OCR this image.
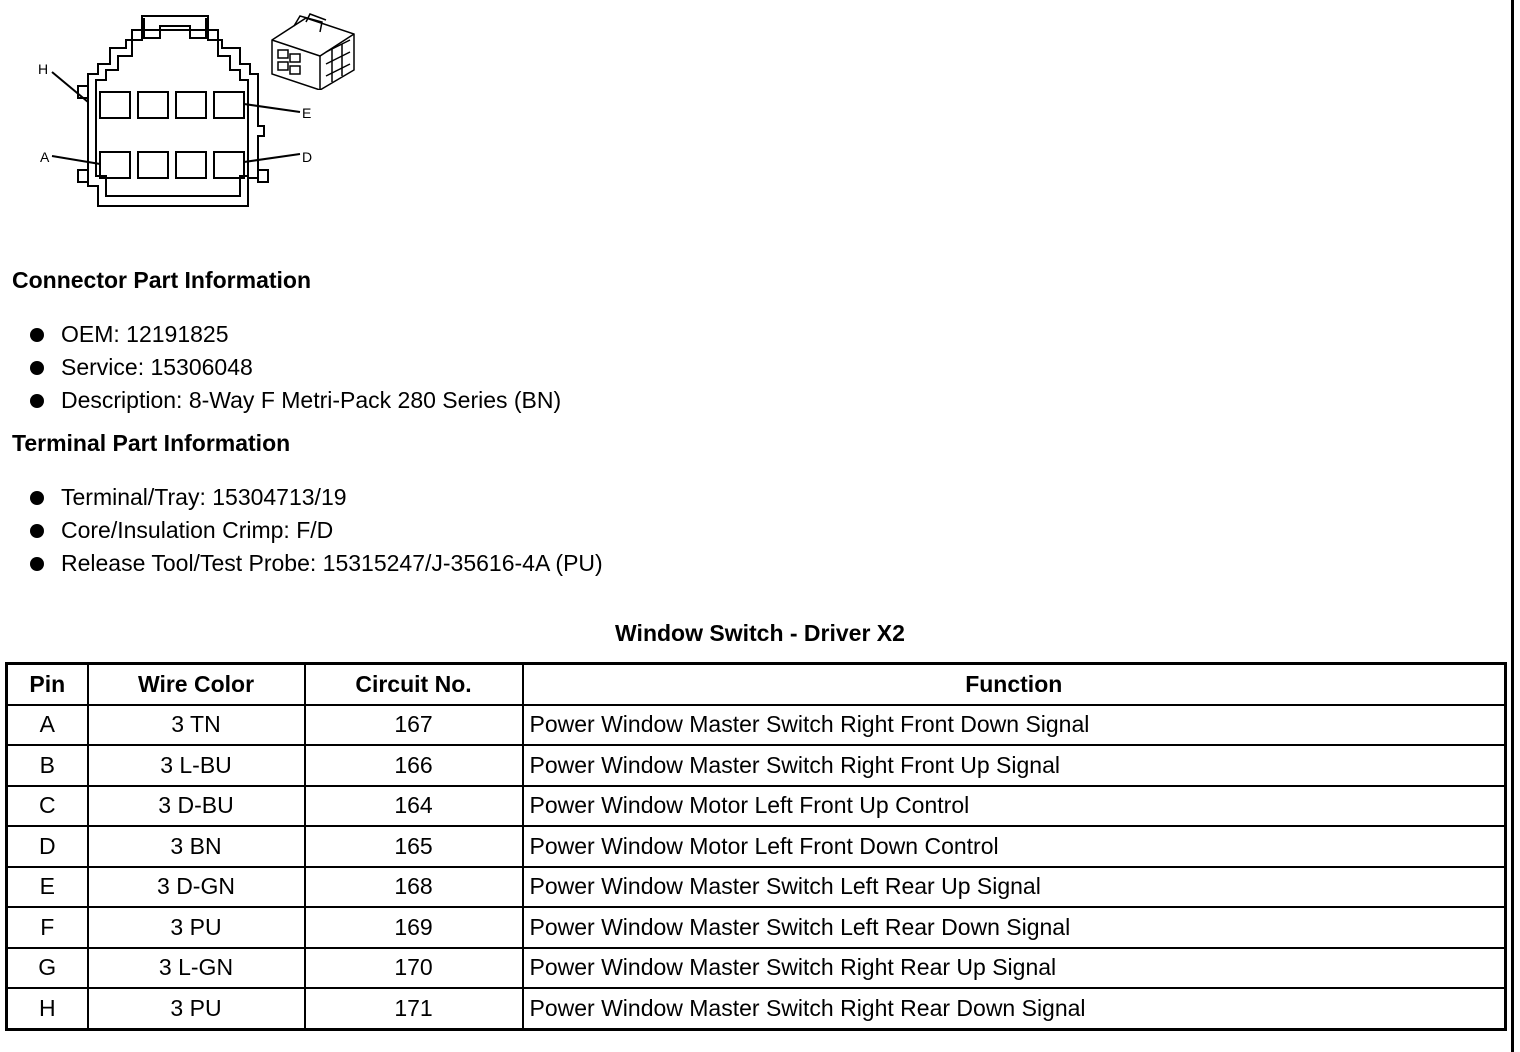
H
E
A	D
Connector Part Information
OEM: 12191825
Service: 15306048
Description: 8-Way F Metri-Pack 280 Series (BN)
Terminal Part Information
Terminal/Tray: 15304713/19
Core/Insulation Crimp: F/D
Release Tool/Test Probe: 15315247/J-35616-4A (PU)
Window Switch - Driver X2
Pin	Wire Color	Circuit No.	Function
A	3 TN	167	Power Window Master Switch Right Front Down Signal
B	3 L-BU	166	Power Window Master Switch Right Front Up Signal
C	3 D-BU	164	Power Window Motor Left Front Up Control
D	3 BN	165	Power Window Motor Left Front Down Control
E	3 D-GN	168	Power Window Master Switch Left Rear Up Signal
F	3 PU	169	Power Window Master Switch Left Rear Down Signal
G	3 L-GN	170	Power Window Master Switch Right Rear Up Signal
H	3 PU	171	Power Window Master Switch Right Rear Down Signal
